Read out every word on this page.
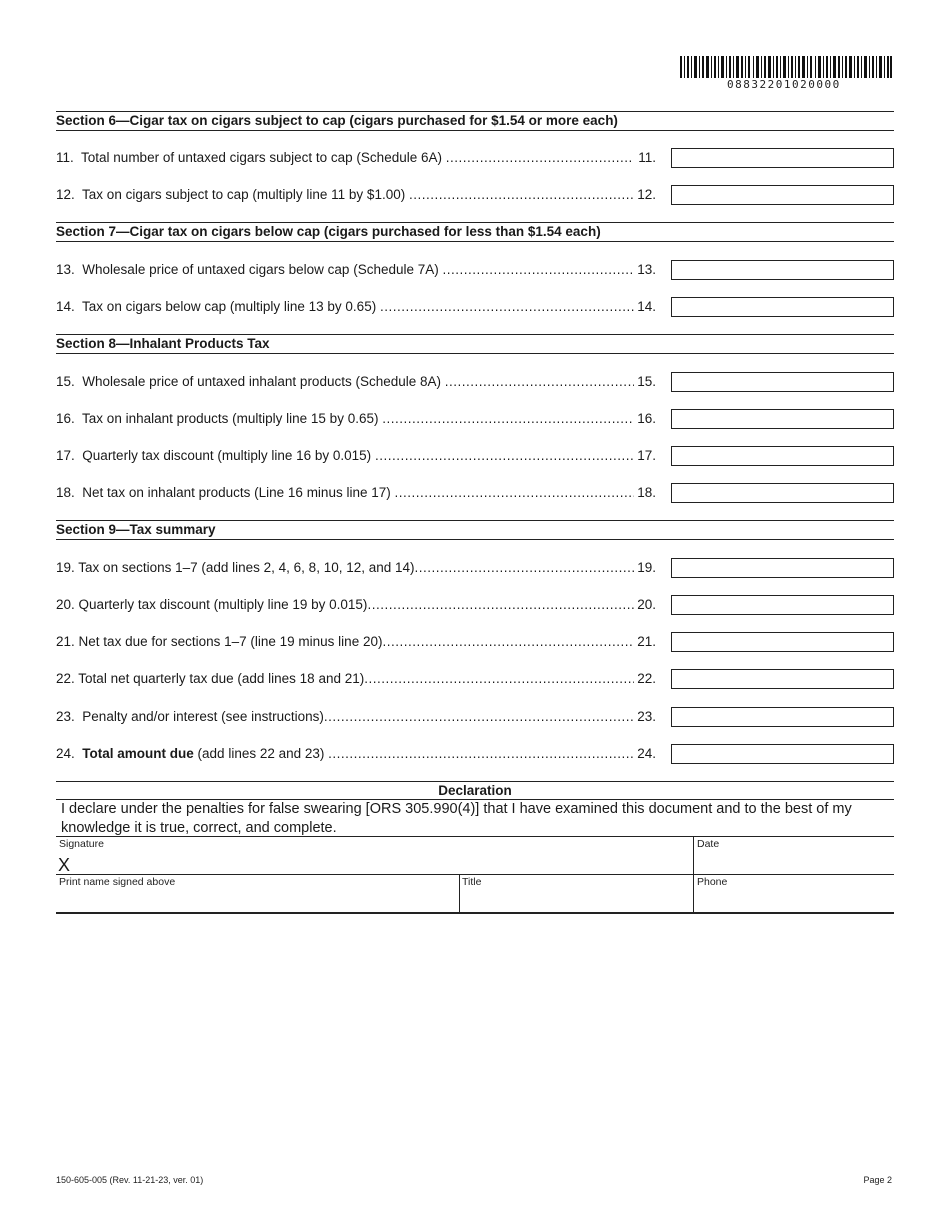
08832201020000
Section 6—Cigar tax on cigars subject to cap (cigars purchased for $1.54 or more each)
11. Total number of untaxed cigars subject to cap (Schedule 6A) .....	11.
12. Tax on cigars subject to cap (multiply line 11 by $1.00) .....	12.
Section 7—Cigar tax on cigars below cap (cigars purchased for less than $1.54 each)
13. Wholesale price of untaxed cigars below cap (Schedule 7A) .....	13.
14. Tax on cigars below cap (multiply line 13 by 0.65) .....	14.
Section 8—Inhalant Products Tax
15. Wholesale price of untaxed inhalant products (Schedule 8A) .....	15.
16. Tax on inhalant products (multiply line 15 by 0.65) .....	16.
17. Quarterly tax discount (multiply line 16 by 0.015) .....	17.
18. Net tax on inhalant products (Line 16 minus line 17) .....	18.
Section 9—Tax summary
19. Tax on sections 1–7 (add lines 2, 4, 6, 8, 10, 12, and 14) .....	19.
20. Quarterly tax discount (multiply line 19 by 0.015) .....	20.
21. Net tax due for sections 1–7 (line 19 minus line 20) .....	21.
22. Total net quarterly tax due (add lines 18 and 21) .....	22.
23. Penalty and/or interest (see instructions) .....	23.
24. Total amount due (add lines 22 and 23) .....	24.
Declaration
I declare under the penalties for false swearing [ORS 305.990(4)] that I have examined this document and to the best of my knowledge it is true, correct, and complete.
Signature
X
Date
Print name signed above	Title	Phone
150-605-005 (Rev. 11-21-23, ver. 01)	Page 2
